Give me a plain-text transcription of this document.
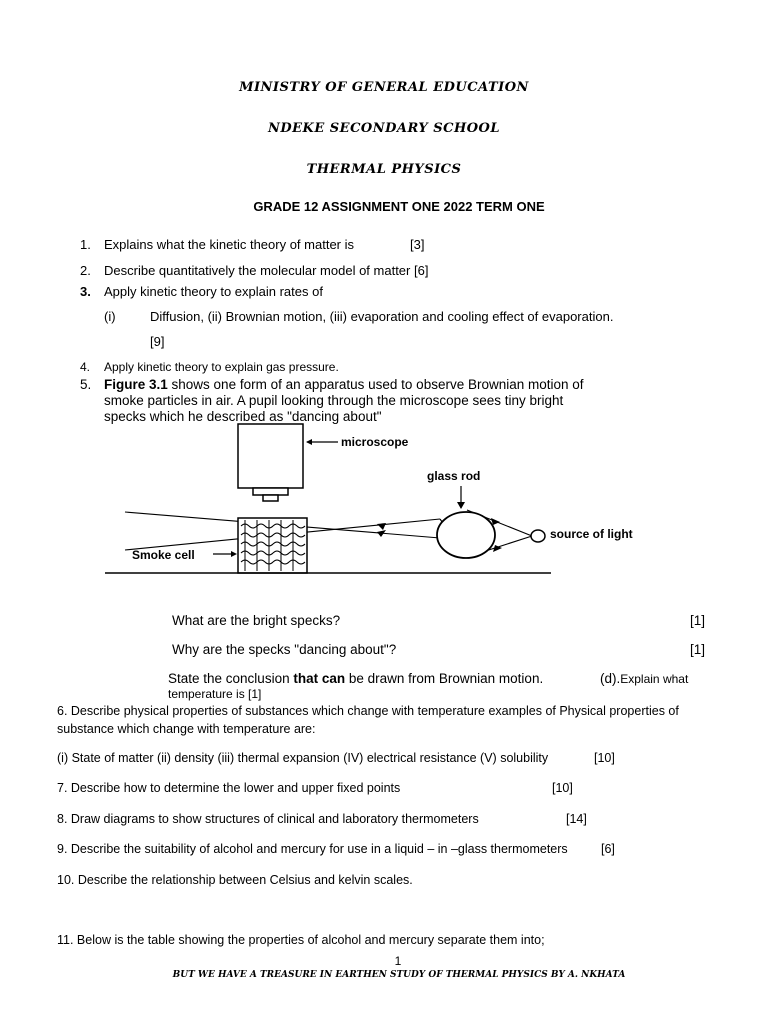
MINISTRY OF GENERAL EDUCATION
NDEKE SECONDARY SCHOOL
THERMAL PHYSICS
GRADE 12 ASSIGNMENT ONE 2022 TERM ONE
1. Explains what the kinetic theory of matter is	[3]
2. Describe quantitatively the molecular model of matter [6]
3. Apply kinetic theory to explain rates of
(i)	Diffusion, (ii) Brownian motion, (iii) evaporation and cooling effect of evaporation.
[9]
4. Apply kinetic theory to explain gas pressure.
5. Figure 3.1 shows one form of an apparatus used to observe Brownian motion of
smoke particles in air. A pupil looking through the microscope sees tiny bright
specks which he described as "dancing about"
microscope
glass rod
source of light
Smoke cell
What are the bright specks?	[1]
Why are the specks "dancing about"?	[1]
State the conclusion that can be drawn from Brownian motion.	(d).Explain what
temperature is [1]
6. Describe physical properties of substances which change with temperature examples of Physical properties of
substance which change with temperature are:
(i) State of matter (ii) density (iii) thermal expansion (IV) electrical resistance (V) solubility	[10]
7. Describe how to determine the lower and upper fixed points	[10]
8. Draw diagrams to show structures of clinical and laboratory thermometers	[14]
9. Describe the suitability of alcohol and mercury for use in a liquid – in –glass thermometers	[6]
10. Describe the relationship between Celsius and kelvin scales.
11. Below is the table showing the properties of alcohol and mercury separate them into;
1
BUT WE HAVE A TREASURE IN EARTHEN STUDY OF THERMAL PHYSICS BY A. NKHATA
